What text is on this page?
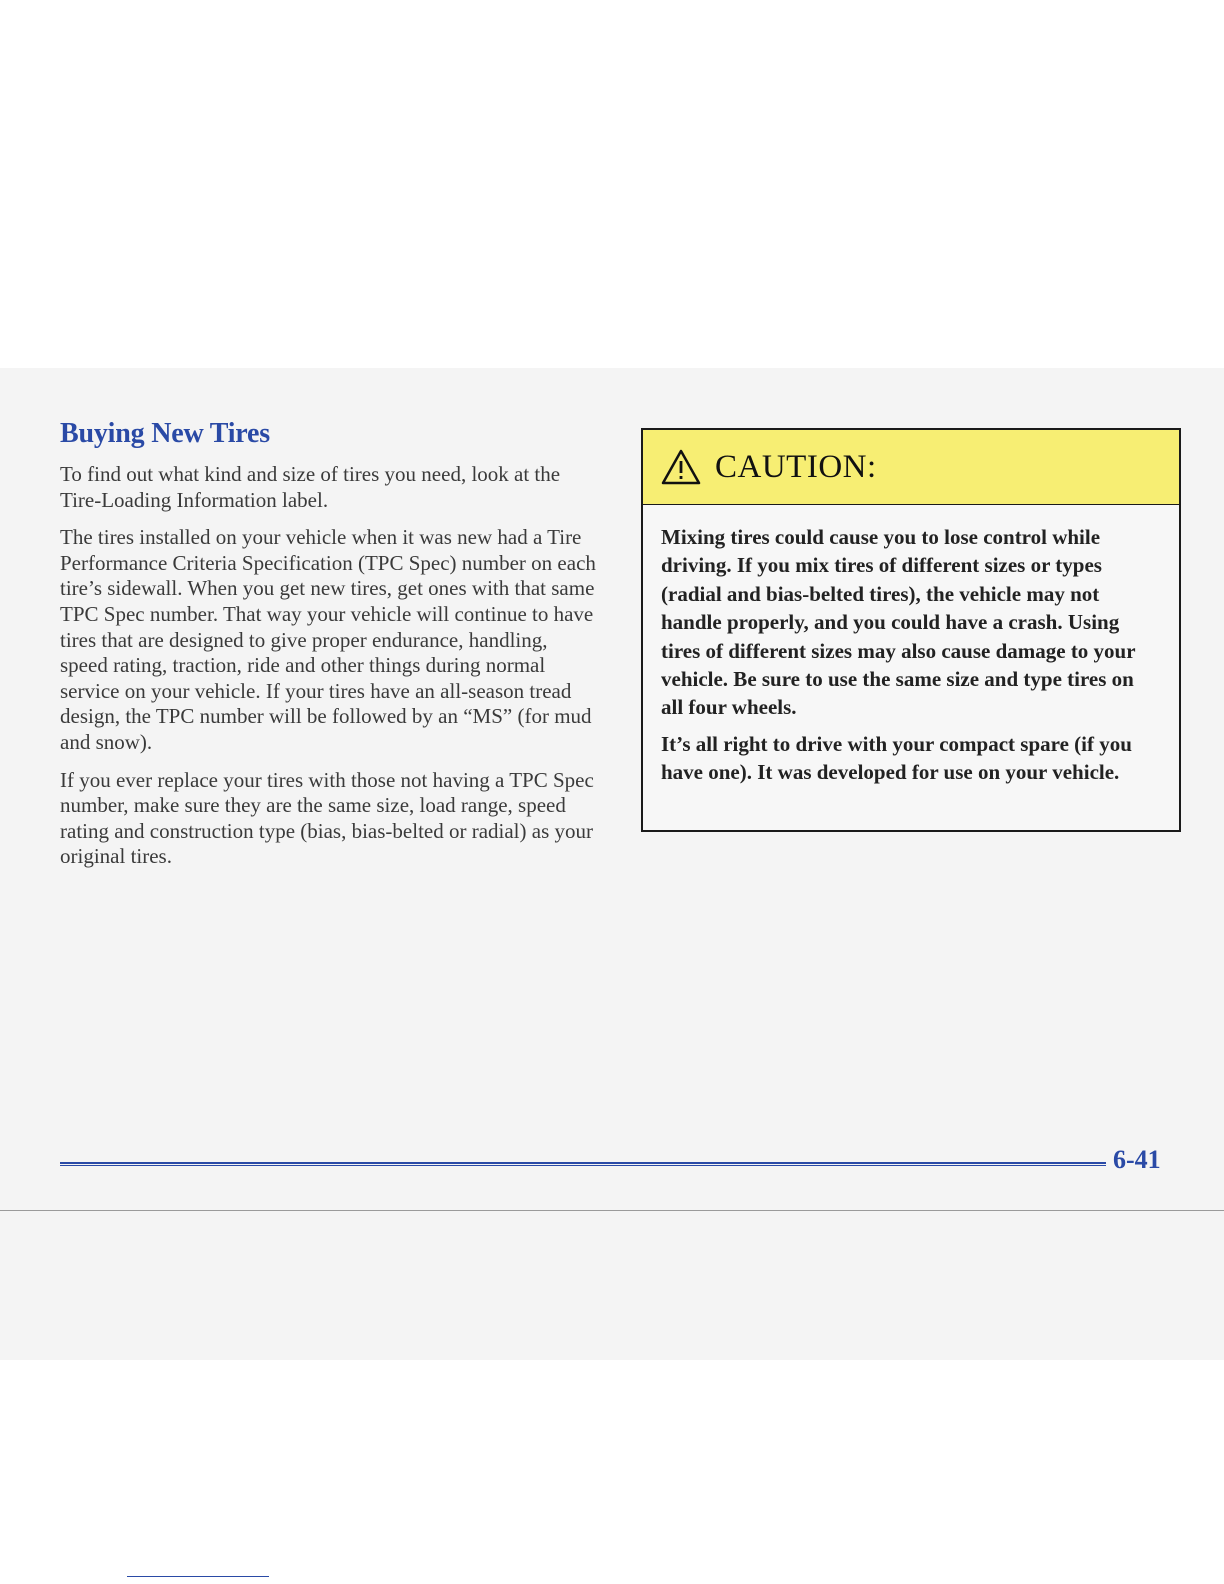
Buying New Tires

To find out what kind and size of tires you need, look at the Tire-Loading Information label.

The tires installed on your vehicle when it was new had a Tire Performance Criteria Specification (TPC Spec) number on each tire’s sidewall. When you get new tires, get ones with that same TPC Spec number. That way your vehicle will continue to have tires that are designed to give proper endurance, handling, speed rating, traction, ride and other things during normal service on your vehicle. If your tires have an all-season tread design, the TPC number will be followed by an “MS” (for mud and snow).

If you ever replace your tires with those not having a TPC Spec number, make sure they are the same size, load range, speed rating and construction type (bias, bias-belted or radial) as your original tires.

CAUTION:

Mixing tires could cause you to lose control while driving. If you mix tires of different sizes or types (radial and bias-belted tires), the vehicle may not handle properly, and you could have a crash. Using tires of different sizes may also cause damage to your vehicle. Be sure to use the same size and type tires on all four wheels.

It’s all right to drive with your compact spare (if you have one). It was developed for use on your vehicle.

6-41
